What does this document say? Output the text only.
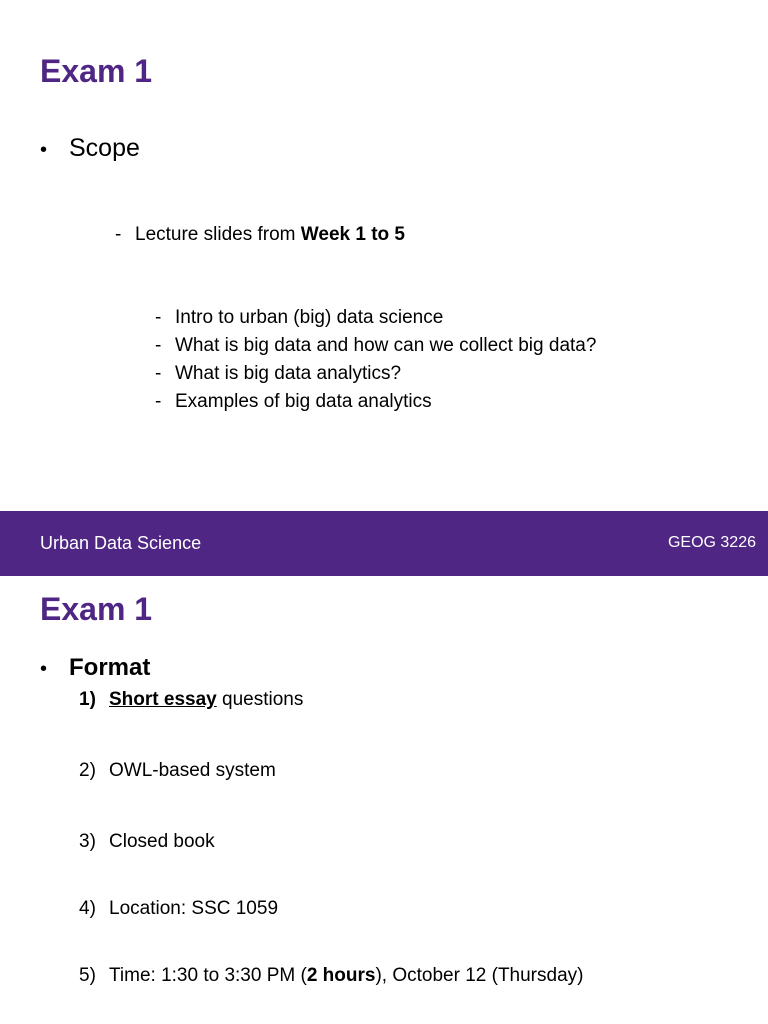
Exam 1
• Scope
- Lecture slides from Week 1 to 5
- Intro to urban (big) data science
- What is big data and how can we collect big data?
- What is big data analytics?
- Examples of big data analytics
Urban Data Science	GEOG 3226
Exam 1
• Format
1) Short essay questions
2) OWL-based system
3) Closed book
4) Location: SSC 1059
5) Time: 1:30 to 3:30 PM (2 hours), October 12 (Thursday)
